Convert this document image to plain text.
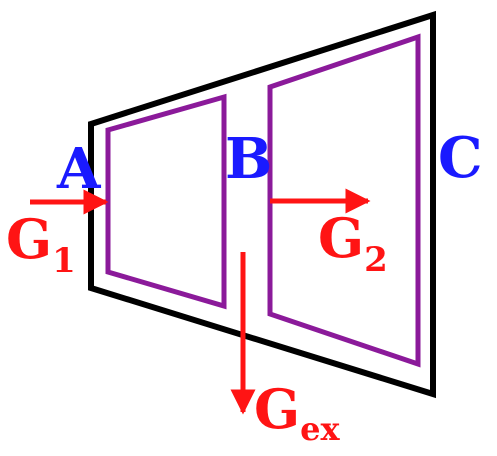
A B	C
$G_1$	$G_2$
$G_{ex}$
